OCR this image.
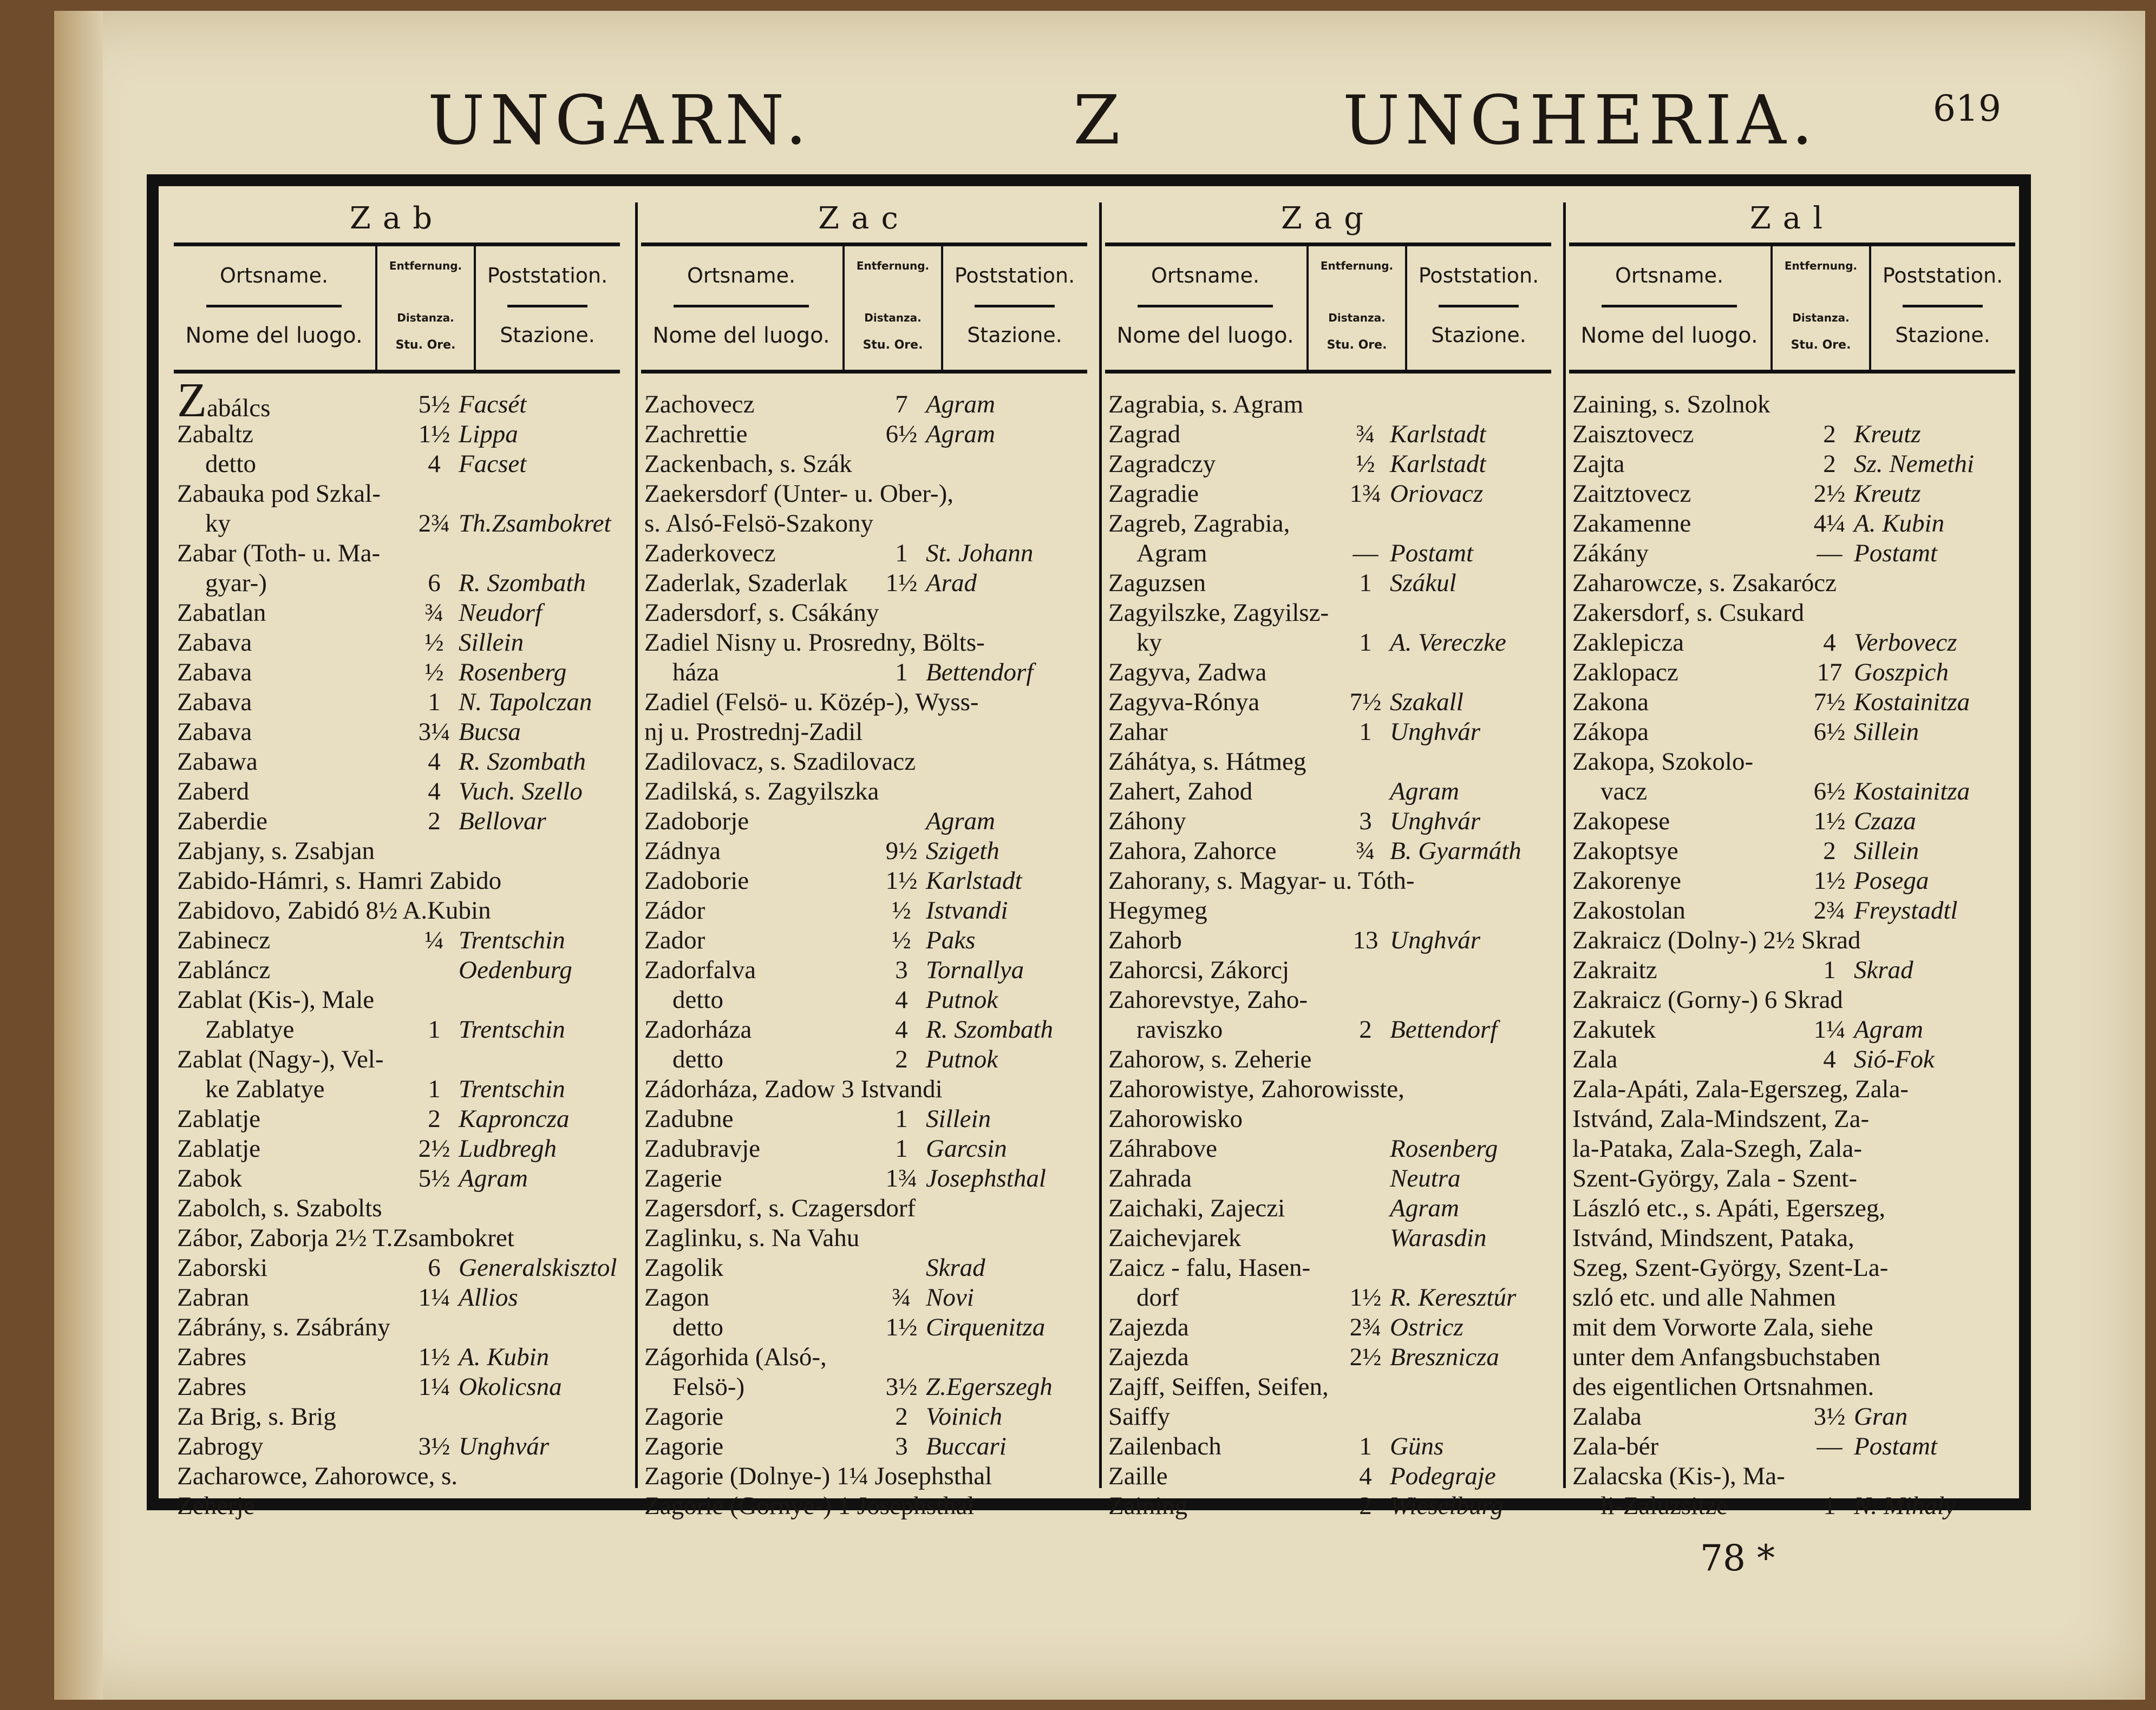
UNGARN.	Z	UNGHERIA.	619
Zab
Ortsname.
Nome del luogo.
Entfernung.
Distanza.
Stu. Ore.
Poststation.
Stazione.
Zabálcs	5½ Facsét
Zabaltz	1½ Lippa
detto	4 Facset
Zabauka pod Szkal-
ky	2¾ Th.Zsambokret
Zabar (Toth- u. Ma-
gyar-)	6 R. Szombath
Zabatlan	¾ Neudorf
Zabava	½ Sillein
Zabava	½ Rosenberg
Zabava	1 N. Tapolczan
Zabava	3¼ Bucsa
Zabawa	4 R. Szombath
Zaberd	4 Vuch. Szello
Zaberdie	2 Bellovar
Zabjany, s. Zsabjan
Zabido-Hámri, s. Hamri Zabido
Zabidovo, Zabidó 8½ A.Kubin
Zabinecz	¼ Trentschin
Zabláncz	Oedenburg
Zablat (Kis-), Male
Zablatye	1 Trentschin
Zablat (Nagy-), Vel-
ke Zablatye	1 Trentschin
Zablatje	2 Kapronсza
Zablatje	2½ Ludbregh
Zabok	5½ Agram
Zabolch, s. Szabolts
Zábor, Zaborja 2½ T.Zsambokret
Zaborski	6 Generalskisztol
Zabran	1¼ Allios
Zábrány, s. Zsábrány
Zabres	1½ A. Kubin
Zabres	1¼ Okolicsna
Za Brig, s. Brig
Zabrogy	3½ Unghvár
Zacharowce, Zahorowce, s.
Zeherje
Zac
Ortsname.
Nome del luogo.
Entfernung.
Distanza.
Stu. Ore.
Poststation.
Stazione.
Zachovecz	7 Agram
Zachrettie	6½ Agram
Zackenbach, s. Szák
Zaekersdorf (Unter- u. Ober-),
s. Alsó-Felsö-Szakony
Zaderkovecz	1 St. Johann
Zaderlak, Szaderlak	1½ Arad
Zadersdorf, s. Csákány
Zadiel Nisny u. Prosredny, Bölts-
háza	1 Bettendorf
Zadiel (Felsö- u. Közép-), Wyss-
nj u. Prostrednj-Zadil
Zadilovacz, s. Szadilovacz
Zadilská, s. Zagyilszka
Zadoborje	Agram
Zádnya	9½ Szigeth
Zadoborie	1½ Karlstadt
Zádor	½ Istvandi
Zador	½ Paks
Zadorfalva	3 Tornallya
detto	4 Putnok
Zadorháza	4 R. Szombath
detto	2 Putnok
Zádorháza, Zadow 3 Istvandi
Zadubne	1 Sillein
Zadubravje	1 Garcsin
Zagerie	1¾ Josephsthal
Zagersdorf, s. Czagersdorf
Zaglinku, s. Na Vahu
Zagolik	Skrad
Zagon	¾ Novi
detto	1½ Cirquenitza
Zágorhida (Alsó-,
Felsö-)	3½ Z.Egerszegh
Zagorie	2 Voinich
Zagorie	3 Buccari
Zagorie (Dolnye-) 1¼ Josephsthal
Zagorie (Gornye-) 1 Josephsthal
Zag
Ortsname.
Nome del luogo.
Entfernung.
Distanza.
Stu. Ore.
Poststation.
Stazione.
Zagrabia, s. Agram
Zagrad	¾ Karlstadt
Zagradczy	½ Karlstadt
Zagradie	1¾ Oriovacz
Zagreb, Zagrabia,
Agram	— Postamt
Zaguzsen	1 Szákul
Zagyilszke, Zagyilsz-
ky	1 A. Vereczke
Zagyva, Zadwa
Zagyva-Rónya	7½ Szakall
Zahar	1 Unghvár
Záhátya, s. Hátmeg
Zahert, Zahod	Agram
Záhony	3 Unghvár
Zahora, Zahorce	¾ B. Gyarmáth
Zahorany, s. Magyar- u. Tóth-
Hegymeg
Zahorb	13 Unghvár
Zahorcsi, Zákorcj
Zahorevstye, Zaho-
raviszko	2 Bettendorf
Zahorow, s. Zeherie
Zahorowistye, Zahorowisste,
Zahorowisko
Záhrabove	Rosenberg
Zahrada	Neutra
Zaichaki, Zajeczi	Agram
Zaichevjarek	Warasdin
Zaicz - falu, Hasen-
dorf	1½ R. Keresztúr
Zajezda	2¾ Ostricz
Zajezda	2½ Bresznicza
Zajff, Seiffen, Seifen,
Saiffy
Zailenbach	1 Güns
Zaille	4 Podegraje
Zaining	2 Wieselburg
Zal
Ortsname.
Nome del luogo.
Entfernung.
Distanza.
Stu. Ore.
Poststation.
Stazione.
Zaining, s. Szolnok
Zaisztovecz	2 Kreutz
Zajta	2 Sz. Nemethi
Zaitztovecz	2½ Kreutz
Zakamenne	4¼ A. Kubin
Zákány	— Postamt
Zaharowcze, s. Zsakarócz
Zakersdorf, s. Csukard
Zaklepicza	4 Verbovecz
Zaklopacz	17 Goszpich
Zakona	7½ Kostainitza
Zákopa	6½ Sillein
Zakopa, Szokolo-
vacz	6½ Kostainitza
Zakopese	1½ Czaza
Zakoptsye	2 Sillein
Zakorenye	1½ Posega
Zakostolan	2¾ Freystadtl
Zakraicz (Dolny-) 2½ Skrad
Zakraitz	1 Skrad
Zakraicz (Gorny-) 6 Skrad
Zakutek	1¼ Agram
Zala	4 Sió-Fok
Zala-Apáti, Zala-Egerszeg, Zala-
Istvánd, Zala-Mindszent, Za-
la-Pataka, Zala-Szegh, Zala-
Szent-György, Zala - Szent-
László etc., s. Apáti, Egerszeg,
Istvánd, Mindszent, Pataka,
Szeg, Szent-György, Szent-La-
szló etc. und alle Nahmen
mit dem Vorworte Zala, siehe
unter dem Anfangsbuchstaben
des eigentlichen Ortsnahmen.
Zalaba	3½ Gran
Zala-bér	— Postamt
Zalacska (Kis-), Ma-
li-Zaluzsitze	1 N. Mihaly
78 *
